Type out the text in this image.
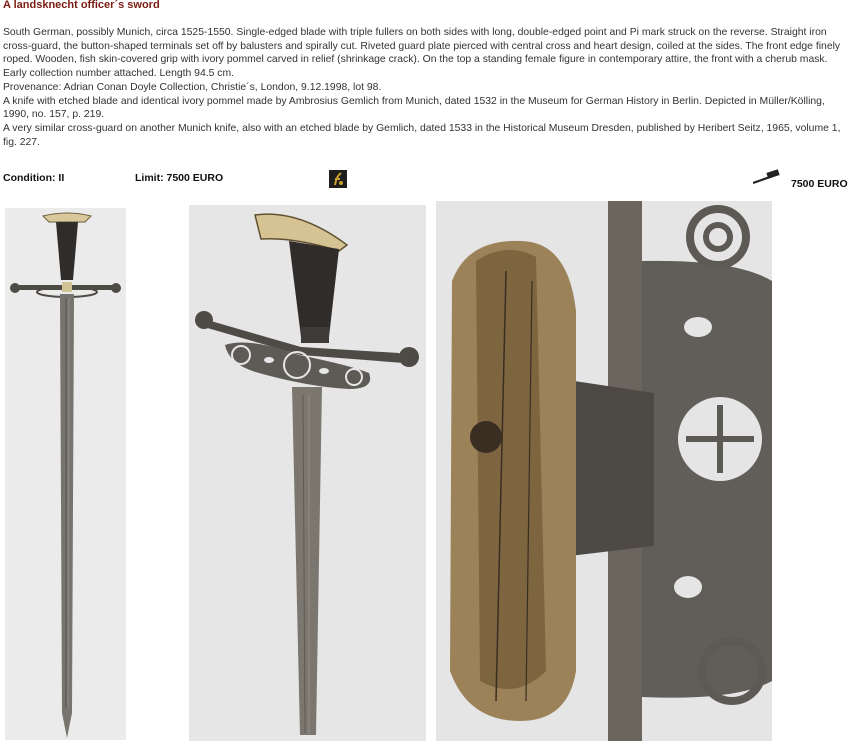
A landsknecht officer´s sword

South German, possibly Munich, circa 1525-1550. Single-edged blade with triple fullers on both sides with long, double-edged point and Pi mark struck on the reverse. Straight iron cross-guard, the button-shaped terminals set off by balusters and spirally cut. Riveted guard plate pierced with central cross and heart design, coiled at the sides. The front edge finely roped. Wooden, fish skin-covered grip with ivory pommel carved in relief (shrinkage crack). On the top a standing female figure in contemporary attire, the front with a cherub mask. Early collection number attached. Length 94.5 cm.

Provenance: Adrian Conan Doyle Collection, Christie´s, London, 9.12.1998, lot 98.

A knife with etched blade and identical ivory pommel made by Ambrosius Gemlich from Munich, dated 1532 in the Museum for German History in Berlin. Depicted in Müller/Kölling, 1990, no. 157, p. 219.

A very similar cross-guard on another Munich knife, also with an etched blade by Gemlich, dated 1533 in the Historical Museum Dresden, published by Heribert Seitz, 1965, volume 1, fig. 227.

Condition: II	Limit: 7500 EURO	7500 EURO
